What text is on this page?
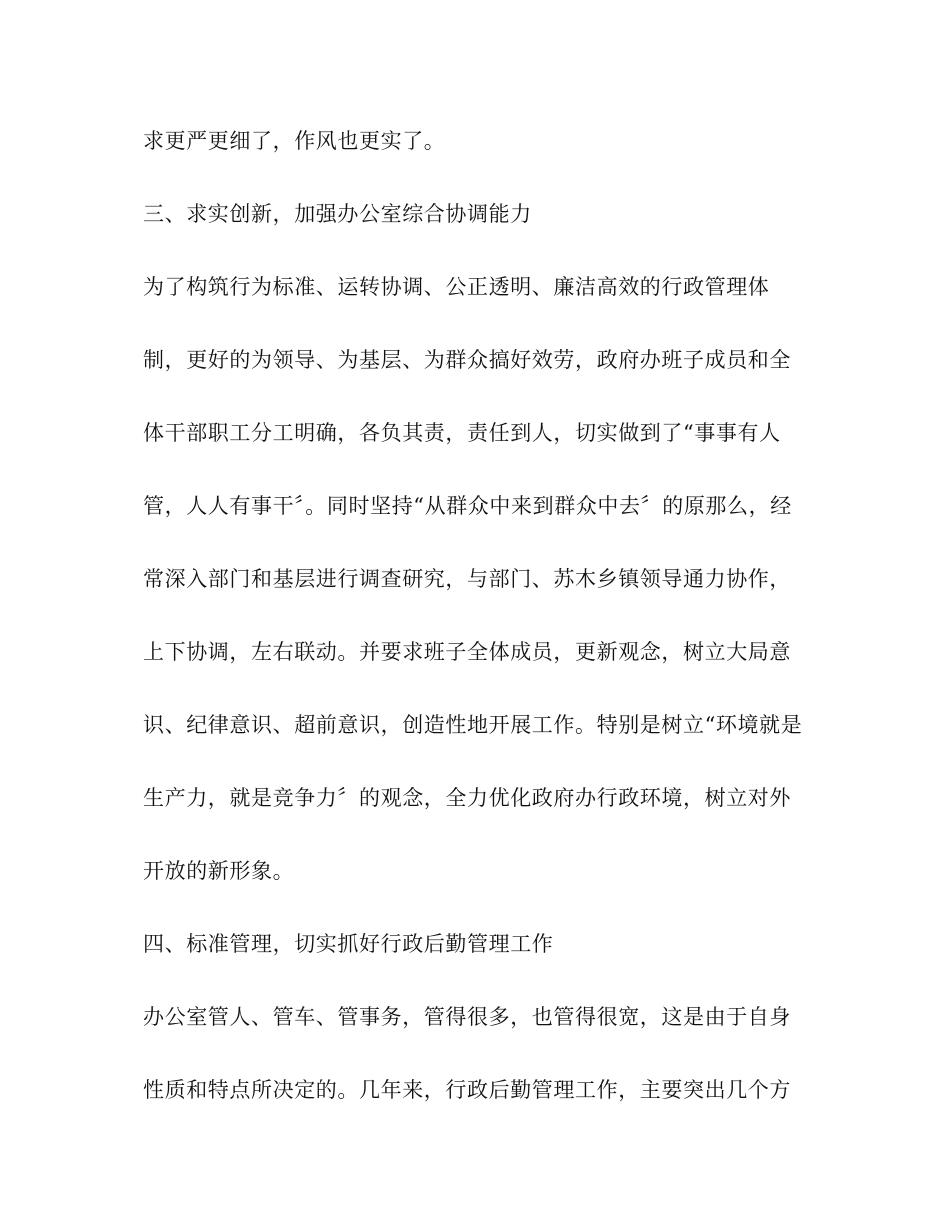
求更严更细了，作风也更实了。

三、求实创新，加强办公室综合协调能力

为了构筑行为标准、运转协调、公正透明、廉洁高效的行政管理体

制，更好的为领导、为基层、为群众搞好效劳，政府办班子成员和全

体干部职工分工明确，各负其责，责任到人，切实做到了“事事有人

管，人人有事干〞。同时坚持“从群众中来到群众中去〞的原那么，经

常深入部门和基层进行调查研究，与部门、苏木乡镇领导通力协作，

上下协调，左右联动。并要求班子全体成员，更新观念，树立大局意

识、纪律意识、超前意识，创造性地开展工作。特别是树立“环境就是

生产力，就是竞争力〞的观念，全力优化政府办行政环境，树立对外

开放的新形象。

四、标准管理，切实抓好行政后勤管理工作

办公室管人、管车、管事务，管得很多，也管得很宽，这是由于自身

性质和特点所决定的。几年来，行政后勤管理工作，主要突出几个方
